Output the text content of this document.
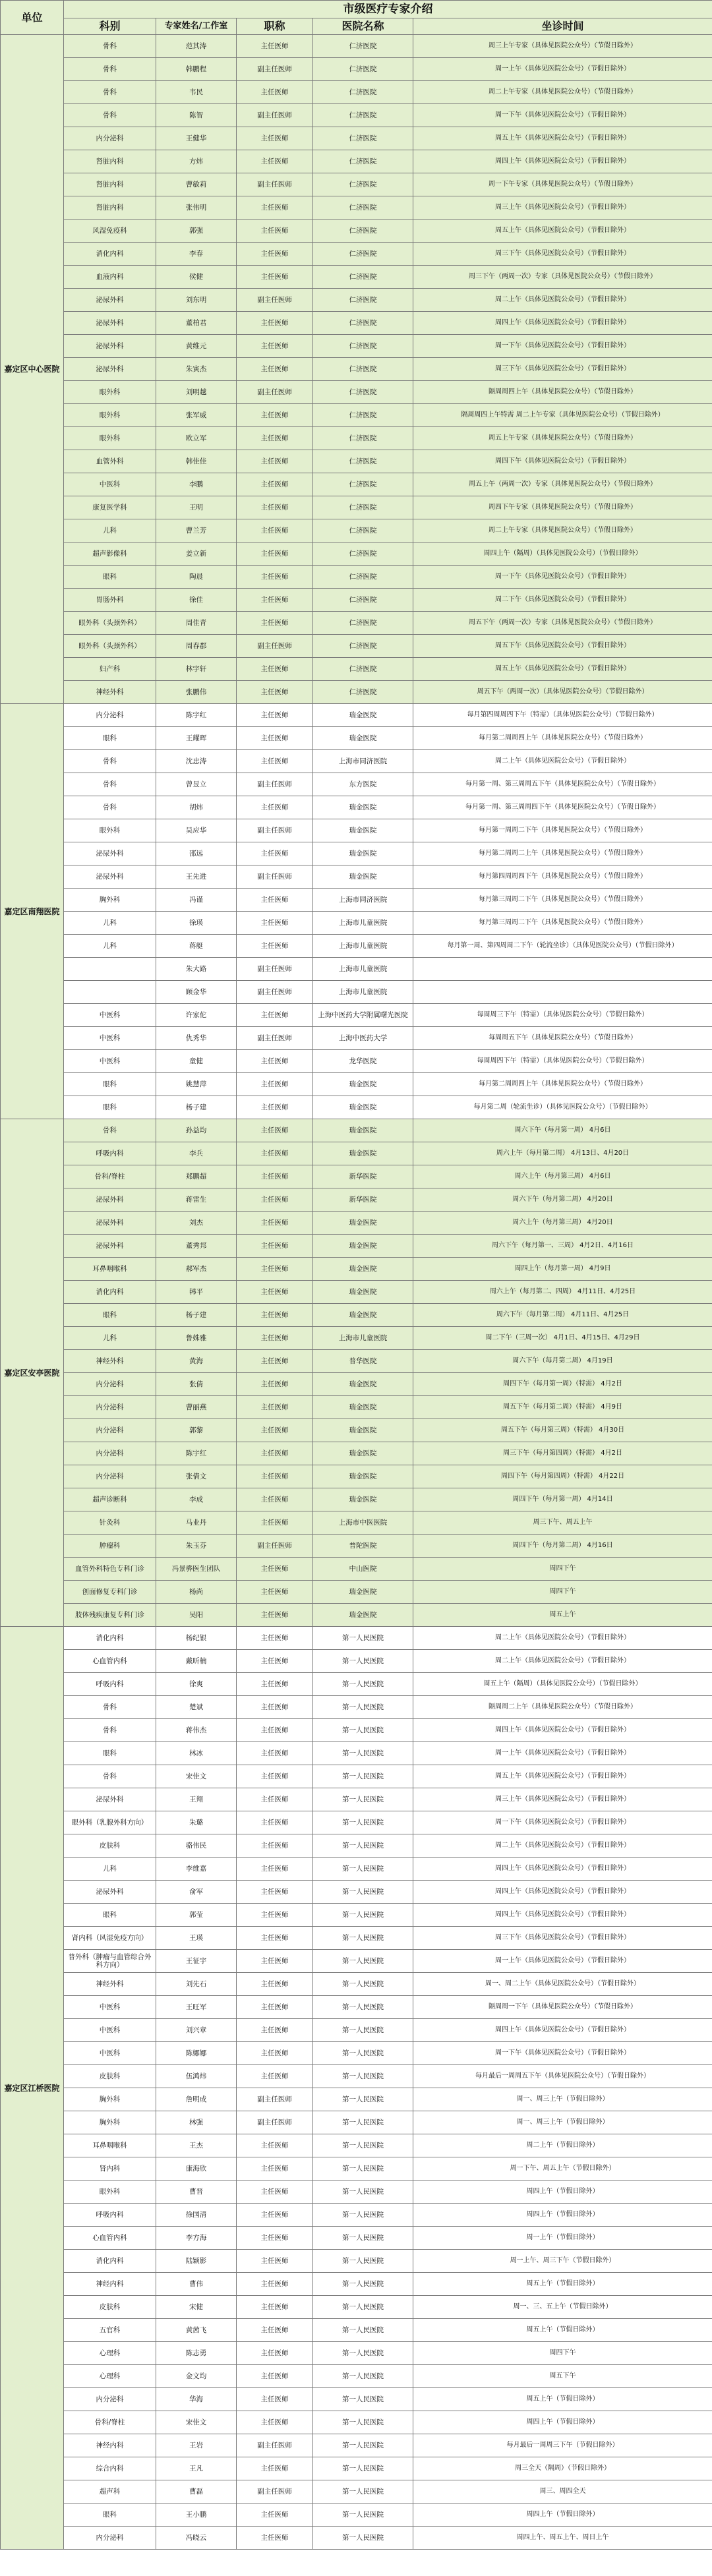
单位	市级医疗专家介绍				
	科别	专家姓名/工作室	职称	医院名称	坐诊时间
嘉定区中心医院	骨科	范其涛	主任医师	仁济医院	周三上午专家（具体见医院公众号）（节假日除外）
	骨科	韩鹏程	副主任医师	仁济医院	周一上午（具体见医院公众号）（节假日除外）
	骨科	韦民	主任医师	仁济医院	周二上午专家（具体见医院公众号）（节假日除外）
	骨科	陈智	副主任医师	仁济医院	周一下午（具体见医院公众号）（节假日除外）
	内分泌科	王健华	主任医师	仁济医院	周五上午（具体见医院公众号）（节假日除外）
	肾脏内科	方炜	主任医师	仁济医院	周四上午（具体见医院公众号）（节假日除外）
	肾脏内科	曹敏莉	副主任医师	仁济医院	周一下午专家（具体见医院公众号）（节假日除外）
	肾脏内科	张伟明	主任医师	仁济医院	周三上午（具体见医院公众号）（节假日除外）
	风湿免疫科	郭强	主任医师	仁济医院	周五上午（具体见医院公众号）（节假日除外）
	消化内科	李春	主任医师	仁济医院	周三下午（具体见医院公众号）（节假日除外）
	血液内科	侯健	主任医师	仁济医院	周三下午（两周一次）专家（具体见医院公众号）（节假日除外）
	泌尿外科	刘东明	副主任医师	仁济医院	周二上午（具体见医院公众号）（节假日除外）
	泌尿外科	董柏君	主任医师	仁济医院	周四上午（具体见医院公众号）（节假日除外）
	泌尿外科	黄维元	主任医师	仁济医院	周一下午（具体见医院公众号）（节假日除外）
	泌尿外科	朱寅杰	主任医师	仁济医院	周三下午（具体见医院公众号）（节假日除外）
	眼外科	刘明越	副主任医师	仁济医院	隔周周四上午（具体见医院公众号）（节假日除外）
	眼外科	张军威	主任医师	仁济医院	隔周周四上午特需 周二上午专家（具体见医院公众号）（节假日除外）
	眼外科	欧立军	主任医师	仁济医院	周五上午专家（具体见医院公众号）（节假日除外）
	血管外科	韩佳佳	主任医师	仁济医院	周四下午（具体见医院公众号）（节假日除外）
	中医科	李鹏	主任医师	仁济医院	周五上午（两周一次）专家（具体见医院公众号）（节假日除外）
	康复医学科	王明	主任医师	仁济医院	周四下午专家（具体见医院公众号）（节假日除外）
	儿科	曹兰芳	主任医师	仁济医院	周二上午专家（具体见医院公众号）（节假日除外）
	超声影像科	姜立新	主任医师	仁济医院	周四上午（隔周）（具体见医院公众号）（节假日除外）
	眼科	陶晨	主任医师	仁济医院	周一下午（具体见医院公众号）（节假日除外）
	胃肠外科	徐佳	主任医师	仁济医院	周二下午（具体见医院公众号）（节假日除外）
	眼外科（头颈外科）	周佳青	主任医师	仁济医院	周五下午（两周一次）专家（具体见医院公众号）（节假日除外）
	眼外科（头颈外科）	周春郡	副主任医师	仁济医院	周五下午（具体见医院公众号）（节假日除外）
	妇产科	林宇轩	主任医师	仁济医院	周五上午（具体见医院公众号）（节假日除外）
	神经外科	张鹏伟	主任医师	仁济医院	周五下午（两周一次）（具体见医院公众号）（节假日除外）
嘉定区南翔医院	内分泌科	陈宇红	主任医师	瑞金医院	每月第四周周四下午（特需）（具体见医院公众号）（节假日除外）
	眼科	王耀晖	主任医师	瑞金医院	每月第二周周四上午（具体见医院公众号）（节假日除外）
	骨科	沈忠涛	主任医师	上海市同济医院	周二上午（具体见医院公众号）（节假日除外）
	骨科	曾昱立	副主任医师	东方医院	每月第一周、第三周周五下午（具体见医院公众号）（节假日除外）
	骨科	胡炜	主任医师	瑞金医院	每月第一周、第三周周四下午（具体见医院公众号）（节假日除外）
	眼外科	吴应华	副主任医师	瑞金医院	每月第一周周二下午（具体见医院公众号）（节假日除外）
	泌尿外科	邵远	主任医师	瑞金医院	每月第二周周二上午（具体见医院公众号）（节假日除外）
	泌尿外科	王先进	副主任医师	瑞金医院	每月第四周周四下午（具体见医院公众号）（节假日除外）
	胸外科	冯谨	主任医师	上海市同济医院	每月第三周周二下午（具体见医院公众号）（节假日除外）
	儿科	徐瑛	主任医师	上海市儿童医院	每月第三周周二下午（具体见医院公众号）（节假日除外）
	儿科	蒋艇	主任医师	上海市儿童医院	每月第一周、第四周周二下午（轮流坐诊）（具体见医院公众号）（节假日除外）
		朱大路	副主任医师	上海市儿童医院	
		顾金华	副主任医师	上海市儿童医院	
	中医科	许家佗	主任医师	上海中医药大学附属曙光医院	每周周三下午（特需）（具体见医院公众号）（节假日除外）
	中医科	仇秀华	副主任医师	上海中医药大学	每周周五下午（具体见医院公众号）（节假日除外）
	中医科	童健	主任医师	龙华医院	每周周四下午（特需）（具体见医院公众号）（节假日除外）
	眼科	姚慧萍	主任医师	瑞金医院	每月第二周周四上午（具体见医院公众号）（节假日除外）
	眼科	杨子建	主任医师	瑞金医院	每月第二周（轮流坐诊）（具体见医院公众号）（节假日除外）
嘉定区安亭医院	骨科	孙益均	主任医师	瑞金医院	周六下午（每月第一周） 4月6日
	呼吸内科	李兵	主任医师	瑞金医院	周六上午（每月第二周） 4月13日、4月20日
	骨科/脊柱	郑鹏超	主任医师	新华医院	周六上午（每月第三周） 4月6日
	泌尿外科	蒋雷生	主任医师	新华医院	周六下午（每月第二周） 4月20日
	泌尿外科	刘杰	主任医师	瑞金医院	周六上午（每月第三周） 4月20日
	泌尿外科	董秀邦	主任医师	瑞金医院	周六下午（每月第一、三周） 4月2日、4月16日
	耳鼻咽喉科	郝军杰	主任医师	瑞金医院	周四上午（每月第一周） 4月9日
	消化内科	韩平	主任医师	瑞金医院	周六上午（每月第二、四周） 4月11日、4月25日
	眼科	杨子建	主任医师	瑞金医院	周六下午（每月第二周） 4月11日、4月25日
	儿科	鲁姝雅	主任医师	上海市儿童医院	周二下午（三周一次） 4月1日、4月15日、4月29日
	神经外科	黄海	主任医师	普华医院	周六下午（每月第二周） 4月19日
	内分泌科	张倩	主任医师	瑞金医院	周四下午（每月第一周）（特需） 4月2日
	内分泌科	曹丽燕	主任医师	瑞金医院	周五下午（每月第二周）（特需） 4月9日
	内分泌科	郭黎	主任医师	瑞金医院	周五下午（每月第三周）（特需） 4月30日
	内分泌科	陈宇红	主任医师	瑞金医院	周三下午（每月第四周）（特需） 4月2日
	内分泌科	张倩文	主任医师	瑞金医院	周四下午（每月第四周）（特需） 4月22日
	超声诊断科	李成	主任医师	瑞金医院	周四下午（每月第一周） 4月14日
	针灸科	马业丹	主任医师	上海市中医医院	周三下午、周五上午
	肿瘤科	朱玉芬	副主任医师	普陀医院	周四下午（每月第二周） 4月16日
	血管外科特色专科门诊	冯景骅医生团队	主任医师	中山医院	周四下午
	创面修复专科门诊	杨尚	主任医师	瑞金医院	周四下午
	肢体残疾康复专科门诊	吴阳	主任医师	瑞金医院	周五上午
嘉定区江桥医院	消化内科	杨纪银	主任医师	第一人民医院	周二上午（具体见医院公众号）（节假日除外）
	心血管内科	戴昕楠	主任医师	第一人民医院	周二上午（具体见医院公众号）（节假日除外）
	呼吸内科	徐爽	主任医师	第一人民医院	周五上午（隔周）（具体见医院公众号）（节假日除外）
	骨科	楚斌	主任医师	第一人民医院	隔周周二上午（具体见医院公众号）（节假日除外）
	骨科	蒋伟杰	主任医师	第一人民医院	周四上午（具体见医院公众号）（节假日除外）
	眼科	林冰	主任医师	第一人民医院	周一上午（具体见医院公众号）（节假日除外）
	骨科	宋佳文	主任医师	第一人民医院	周五上午（具体见医院公众号）（节假日除外）
	泌尿外科	王翔	主任医师	第一人民医院	周三上午（具体见医院公众号）（节假日除外）
	眼外科（乳腺外科方向）	朱璐	主任医师	第一人民医院	周一下午（具体见医院公众号）（节假日除外）
	皮肤科	骆伟民	主任医师	第一人民医院	周二上午（具体见医院公众号）（节假日除外）
	儿科	李维嘉	主任医师	第一人民医院	周四上午（具体见医院公众号）（节假日除外）
	泌尿外科	俞军	主任医师	第一人民医院	周四上午（具体见医院公众号）（节假日除外）
	眼科	郭莹	主任医师	第一人民医院	周四上午（具体见医院公众号）（节假日除外）
	肾内科（风湿免疫方向）	王瑛	主任医师	第一人民医院	周三下午（具体见医院公众号）（节假日除外）
	普外科（肿瘤与血管综合外科方向）	王征宇	主任医师	第一人民医院	周一上午（具体见医院公众号）（节假日除外）
	神经外科	刘先石	主任医师	第一人民医院	周一、周二上午（具体见医院公众号）（节假日除外）
	中医科	王旺军	主任医师	第一人民医院	隔周周一下午（具体见医院公众号）（节假日除外）
	中医科	刘兴章	主任医师	第一人民医院	周四上午（具体见医院公众号）（节假日除外）
	中医科	陈娜娜	主任医师	第一人民医院	周一下午（具体见医院公众号）（节假日除外）
	皮肤科	伍鸿炜	主任医师	第一人民医院	每月最后一周周五下午（具体见医院公众号）（节假日除外）
	胸外科	詹明成	副主任医师	第一人民医院	周一、周三上午（节假日除外）
	胸外科	林强	副主任医师	第一人民医院	周一、周三上午（节假日除外）
	耳鼻咽喉科	王杰	主任医师	第一人民医院	周二上午（节假日除外）
	肾内科	康海欣	主任医师	第一人民医院	周一下午、周五上午（节假日除外）
	眼外科	曹晋	主任医师	第一人民医院	周四上午（节假日除外）
	呼吸内科	徐国清	主任医师	第一人民医院	周四上午（节假日除外）
	心血管内科	李方海	主任医师	第一人民医院	周一上午（节假日除外）
	消化内科	陆颖影	主任医师	第一人民医院	周一上午、周三下午（节假日除外）
	神经内科	曹伟	主任医师	第一人民医院	周五上午（节假日除外）
	皮肤科	宋健	主任医师	第一人民医院	周一、三、五上午（节假日除外）
	五官科	黄茜飞	主任医师	第一人民医院	周五上午（节假日除外）
	心理科	陈志勇	主任医师	第一人民医院	周四下午
	心理科	金文均	主任医师	第一人民医院	周五下午
	内分泌科	华海	主任医师	第一人民医院	周五上午（节假日除外）
	骨科/脊柱	宋佳文	主任医师	第一人民医院	周四上午（节假日除外）
	神经内科	王岩	副主任医师	第一人民医院	每月最后一周周三下午（节假日除外）
	综合内科	王凡	主任医师	第一人民医院	周三全天（隔周）（节假日除外）
	超声科	曹磊	副主任医师	第一人民医院	周三、周四全天
	眼科	王小鹏	主任医师	第一人民医院	周四上午（节假日除外）
	内分泌科	冯晓云	主任医师	第一人民医院	周四上午、周五上午、周日上午
